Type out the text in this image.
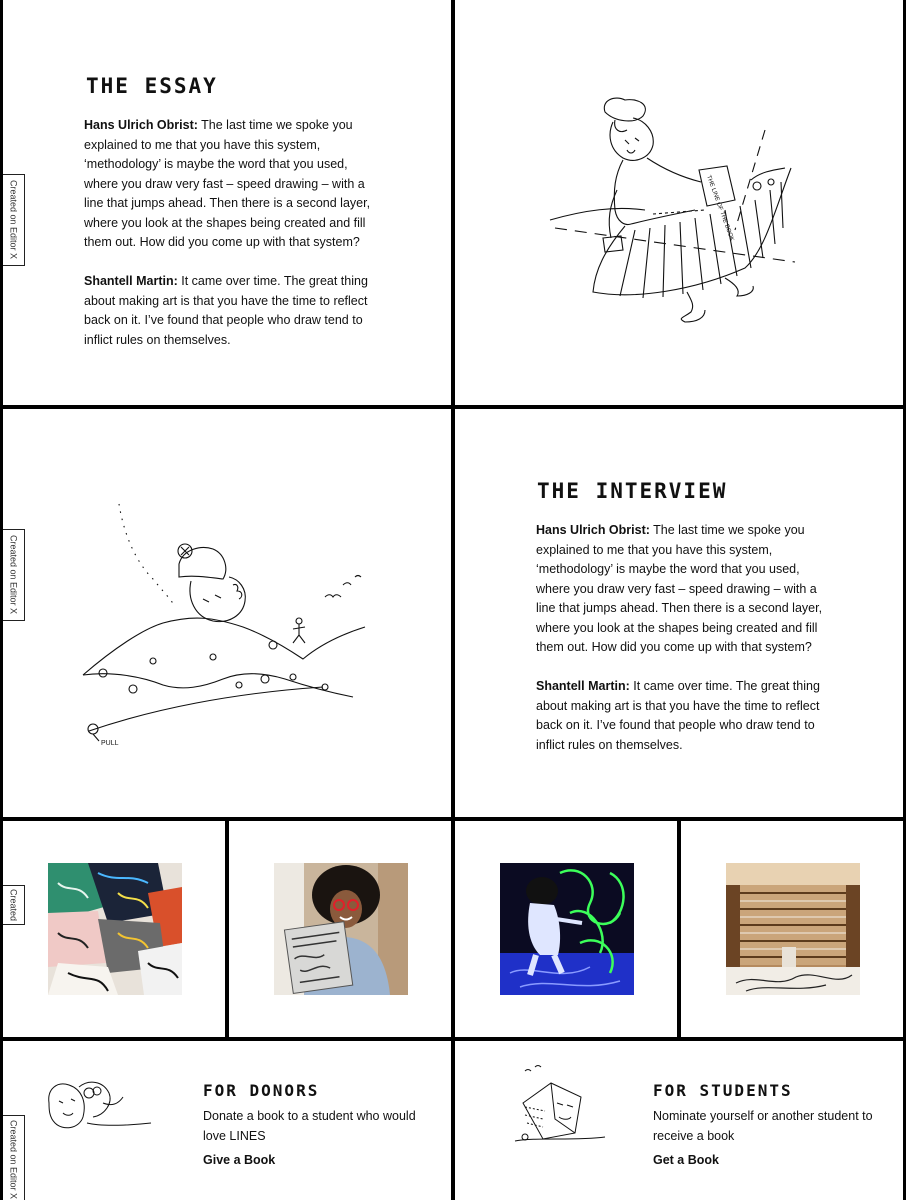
Created on Editor X
THE ESSAY

Hans Ulrich Obrist: The last time we spoke you explained to me that you have this system, ‘methodology’ is maybe the word that you used, where you draw very fast – speed drawing – with a line that jumps ahead. Then there is a second layer, where you look at the shapes being created and fill them out. How did you come up with that system?

Shantell Martin: It came over time. The great thing about making art is that you have the time to reflect back on it. I’ve found that people who draw tend to inflict rules on themselves.

THE LINE OF THE BOOK
Created on Editor X
PULL
THE INTERVIEW

Hans Ulrich Obrist: The last time we spoke you explained to me that you have this system, ‘methodology’ is maybe the word that you used, where you draw very fast – speed drawing – with a line that jumps ahead. Then there is a second layer, where you look at the shapes being created and fill them out. How did you come up with that system?

Shantell Martin: It came over time. The great thing about making art is that you have the time to reflect back on it. I’ve found that people who draw tend to inflict rules on themselves.

Created
Created on Editor X
FOR DONORS

Donate a book to a student who would love LINES

Give a Book
FOR STUDENTS

Nominate yourself or another student to receive a book

Get a Book
